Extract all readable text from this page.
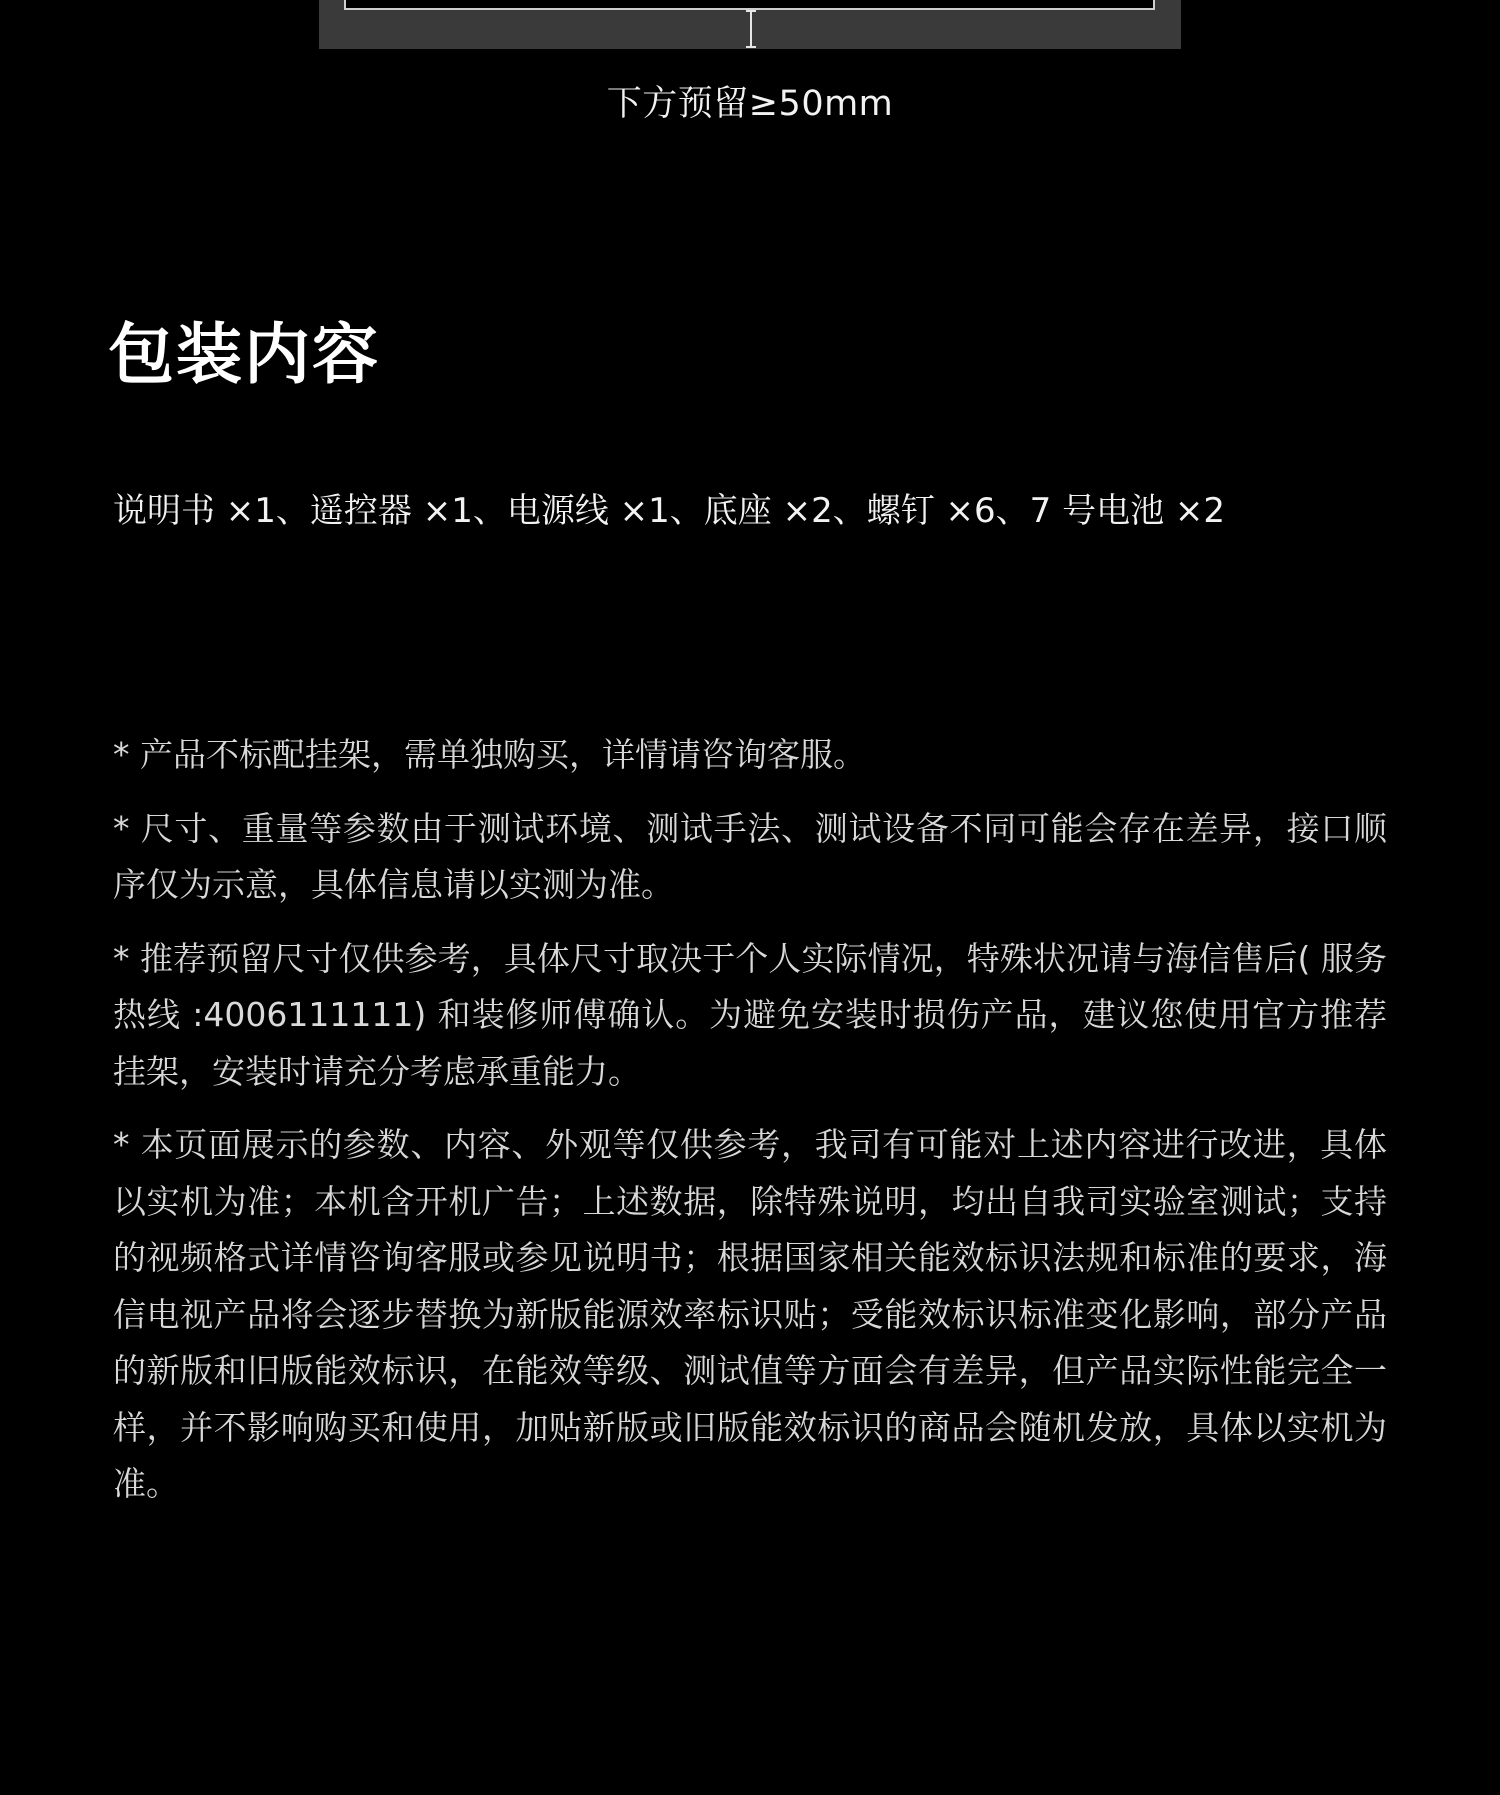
下方预留≥50mm
包装内容

说明书 ×1、遥控器 ×1、电源线 ×1、底座 ×2、螺钉 ×6、7 号电池 ×2

* 产品不标配挂架，需单独购买，详情请咨询客服。
* 尺寸、重量等参数由于测试环境、测试手法、测试设备不同可能会存在差异，接口顺序仅为示意，具体信息请以实测为准。
* 推荐预留尺寸仅供参考，具体尺寸取决于个人实际情况，特殊状况请与海信售后( 服务热线 :4006111111) 和装修师傅确认。为避免安装时损伤产品，建议您使用官方推荐挂架，安装时请充分考虑承重能力。
* 本页面展示的参数、内容、外观等仅供参考，我司有可能对上述内容进行改进，具体以实机为准；本机含开机广告；上述数据，除特殊说明，均出自我司实验室测试；支持的视频格式详情咨询客服或参见说明书；根据国家相关能效标识法规和标准的要求，海信电视产品将会逐步替换为新版能源效率标识贴；受能效标识标准变化影响，部分产品的新版和旧版能效标识，在能效等级、测试值等方面会有差异，但产品实际性能完全一样，并不影响购买和使用，加贴新版或旧版能效标识的商品会随机发放，具体以实机为准。
